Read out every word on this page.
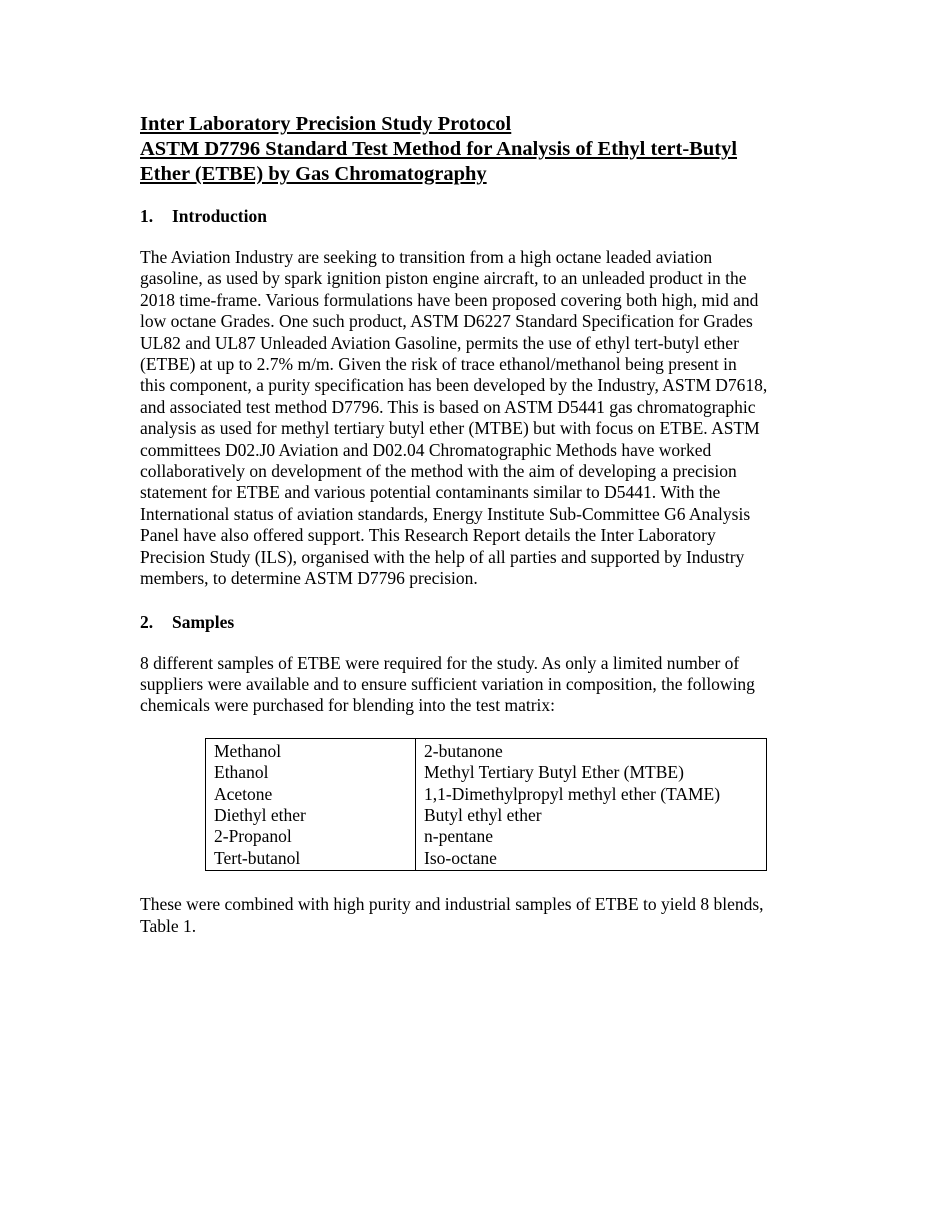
Inter Laboratory Precision Study Protocol

ASTM D7796 Standard Test Method for Analysis of Ethyl tert-Butyl

Ether (ETBE) by Gas Chromatography

1.	Introduction
The Aviation Industry are seeking to transition from a high octane leaded aviation
gasoline, as used by spark ignition piston engine aircraft, to an unleaded product in the
2018 time-frame. Various formulations have been proposed covering both high, mid and
low octane Grades. One such product, ASTM D6227 Standard Specification for Grades
UL82 and UL87 Unleaded Aviation Gasoline, permits the use of ethyl tert-butyl ether
(ETBE) at up to 2.7% m/m. Given the risk of trace ethanol/methanol being present in
this component, a purity specification has been developed by the Industry, ASTM D7618,
and associated test method D7796. This is based on ASTM D5441 gas chromatographic
analysis as used for methyl tertiary butyl ether (MTBE) but with focus on ETBE. ASTM
committees D02.J0 Aviation and D02.04 Chromatographic Methods have worked
collaboratively on development of the method with the aim of developing a precision
statement for ETBE and various potential contaminants similar to D5441. With the
International status of aviation standards, Energy Institute Sub-Committee G6 Analysis
Panel have also offered support. This Research Report details the Inter Laboratory
Precision Study (ILS), organised with the help of all parties and supported by Industry
members, to determine ASTM D7796 precision.
2.	Samples
8 different samples of ETBE were required for the study. As only a limited number of
suppliers were available and to ensure sufficient variation in composition, the following
chemicals were purchased for blending into the test matrix:
Methanol	2-butanone
Ethanol	Methyl Tertiary Butyl Ether (MTBE)
Acetone	1,1-Dimethylpropyl methyl ether (TAME)
Diethyl ether	Butyl ethyl ether
2-Propanol	n-pentane
Tert-butanol	Iso-octane
These were combined with high purity and industrial samples of ETBE to yield 8 blends,
Table 1.
